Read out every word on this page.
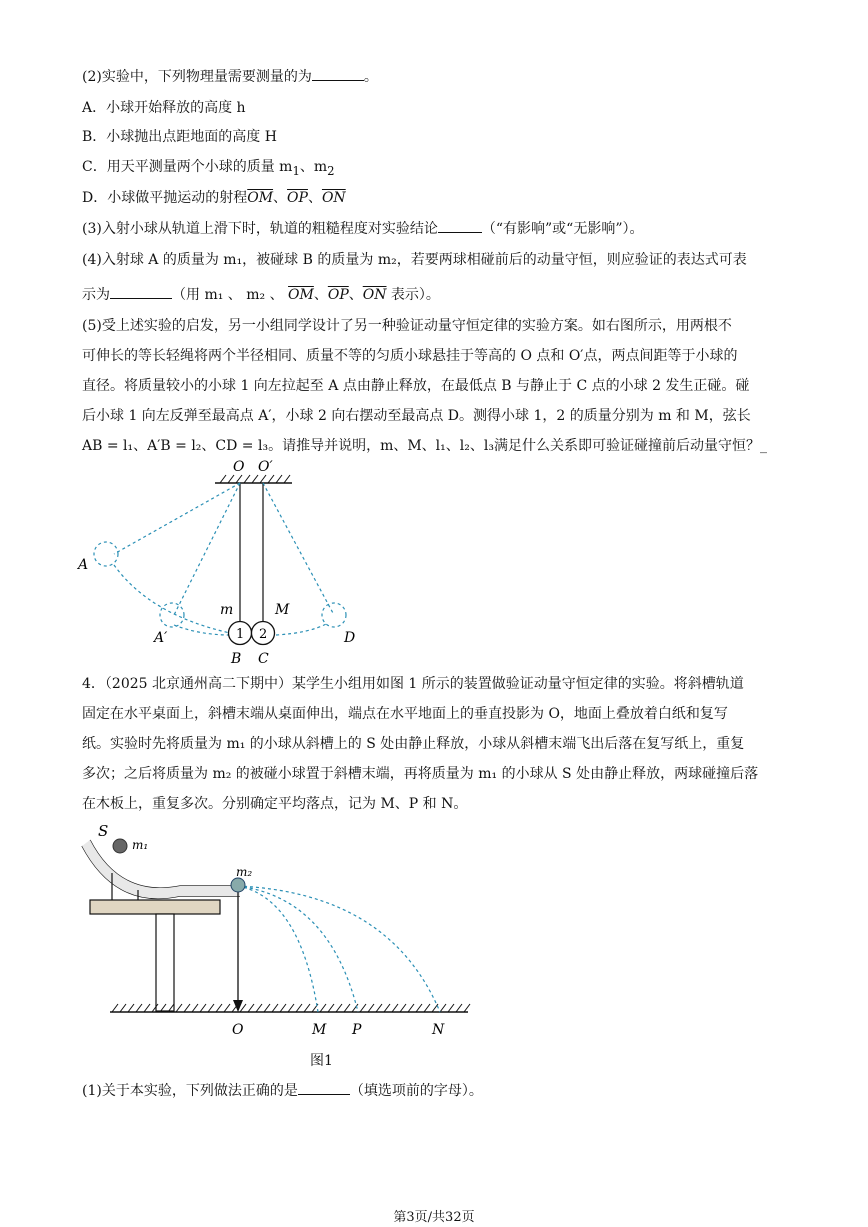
(2)实验中，下列物理量需要测量的为	。
A．小球开始释放的高度 h
B．小球抛出点距地面的高度 H
C．用天平测量两个小球的质量 $m_1$、$m_2$
D．小球做平抛运动的射程$\overline{OM}$、$\overline{OP}$、$\overline{ON}$
(3)入射小球从轨道上滑下时，轨道的粗糙程度对实验结论	（“有影响”或“无影响”）。
(4)入射球 A 的质量为 m₁，被碰球 B 的质量为 m₂，若要两球相碰前后的动量守恒，则应验证的表达式可表
示为	（用 m₁ 、 m₂ 、 $\overline{OM}$、$\overline{OP}$、$\overline{ON}$ 表示）。
(5)受上述实验的启发，另一小组同学设计了另一种验证动量守恒定律的实验方案。如右图所示，用两根不
可伸长的等长轻绳将两个半径相同、质量不等的匀质小球悬挂于等高的 O 点和 O′点，两点间距等于小球的
直径。将质量较小的小球 1 向左拉起至 A 点由静止释放，在最低点 B 与静止于 C 点的小球 2 发生正碰。碰
后小球 1 向左反弹至最高点 A′，小球 2 向右摆动至最高点 D。测得小球 1，2 的质量分别为 m 和 M，弦长
AB = l₁、A′B = l₂、CD = l₃。请推导并说明，m、M、l₁、l₂、l₃满足什么关系即可验证碰撞前后动量守恒？_
O O′
1 2
A
A′
m	M
B C
D
4．（2025 北京通州高二下期中）某学生小组用如图 1 所示的装置做验证动量守恒定律的实验。将斜槽轨道
固定在水平桌面上，斜槽末端从桌面伸出，端点在水平地面上的垂直投影为 O，地面上叠放着白纸和复写
纸。实验时先将质量为 m₁ 的小球从斜槽上的 S 处由静止释放，小球从斜槽末端飞出后落在复写纸上，重复
多次；之后将质量为 m₂ 的被碰小球置于斜槽末端，再将质量为 m₁ 的小球从 S 处由静止释放，两球碰撞后落
在木板上，重复多次。分别确定平均落点，记为 M、P 和 N。
S
m₁
m₂
O	M P	N
图1
(1)关于本实验，下列做法正确的是	（填选项前的字母）。
第3页/共32页
